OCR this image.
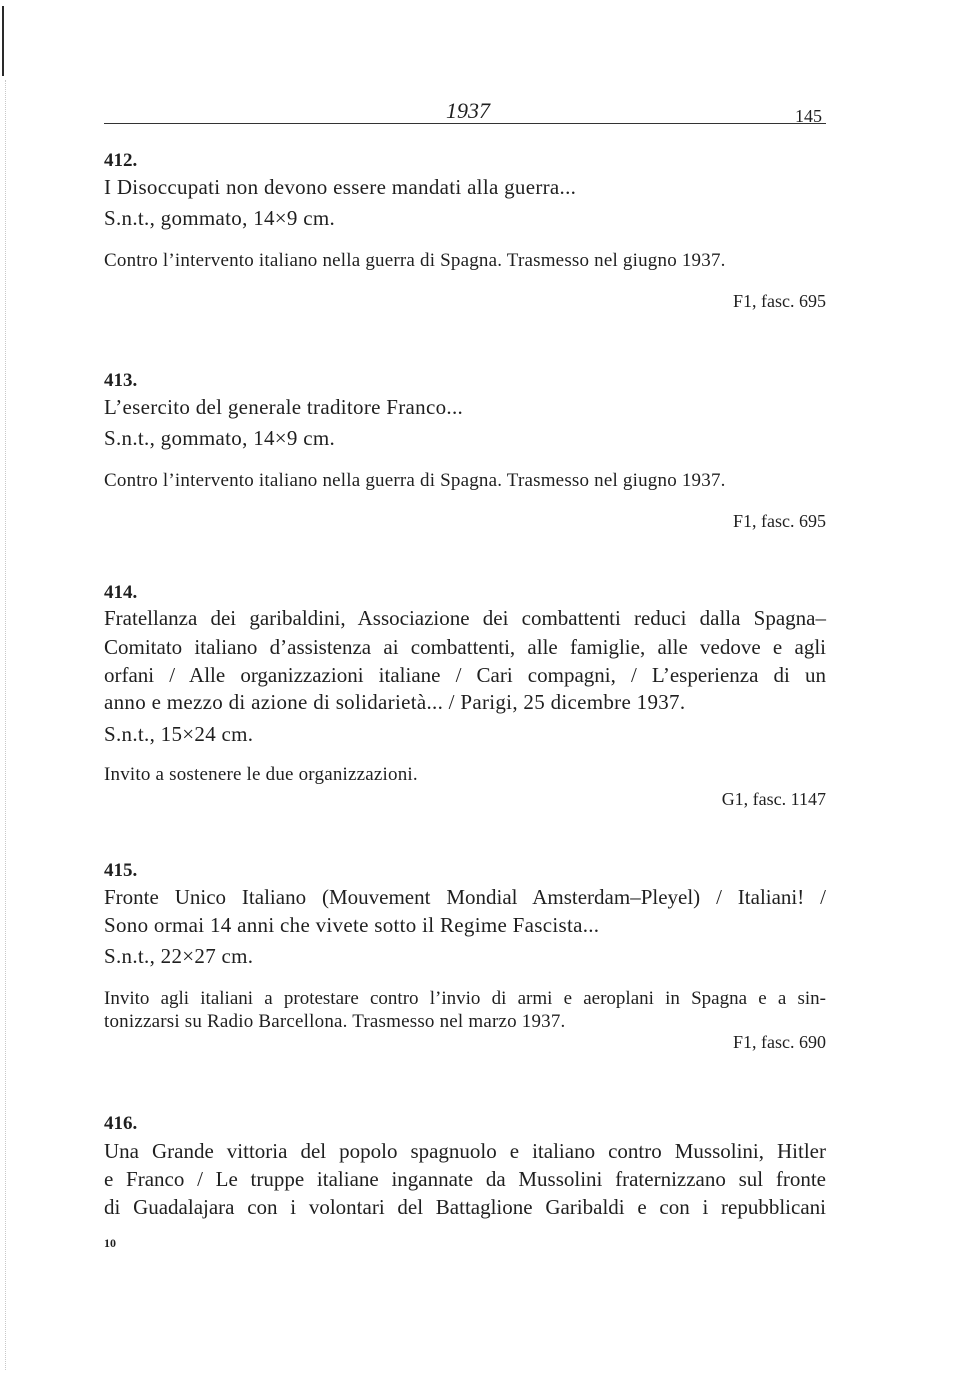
1937	145
412.
I Disoccupati non devono essere mandati alla guerra...
S.n.t., gommato, 14×9 cm.
Contro l’intervento italiano nella guerra di Spagna. Trasmesso nel giugno 1937.
F1, fasc. 695
413.
L’esercito del generale traditore Franco...
S.n.t., gommato, 14×9 cm.
Contro l’intervento italiano nella guerra di Spagna. Trasmesso nel giugno 1937.
F1, fasc. 695
414.
Fratellanza dei garibaldini, Associazione dei combattenti reduci dalla Spagna–
Comitato italiano d’assistenza ai combattenti, alle famiglie, alle vedove e agli
orfani / Alle organizzazioni italiane / Cari compagni, / L’esperienza di un
anno e mezzo di azione di solidarietà... / Parigi, 25 dicembre 1937.
S.n.t., 15×24 cm.
Invito a sostenere le due organizzazioni.
G1, fasc. 1147
415.
Fronte Unico Italiano (Mouvement Mondial Amsterdam–Pleyel) / Italiani! /
Sono ormai 14 anni che vivete sotto il Regime Fascista...
S.n.t., 22×27 cm.
Invito agli italiani a protestare contro l’invio di armi e aeroplani in Spagna e a sin-
tonizzarsi su Radio Barcellona. Trasmesso nel marzo 1937.
F1, fasc. 690
416.
Una Grande vittoria del popolo spagnuolo e italiano contro Mussolini, Hitler
e Franco / Le truppe italiane ingannate da Mussolini fraternizzano sul fronte
di Guadalajara con i volontari del Battaglione Garibaldi e con i repubblicani
10
